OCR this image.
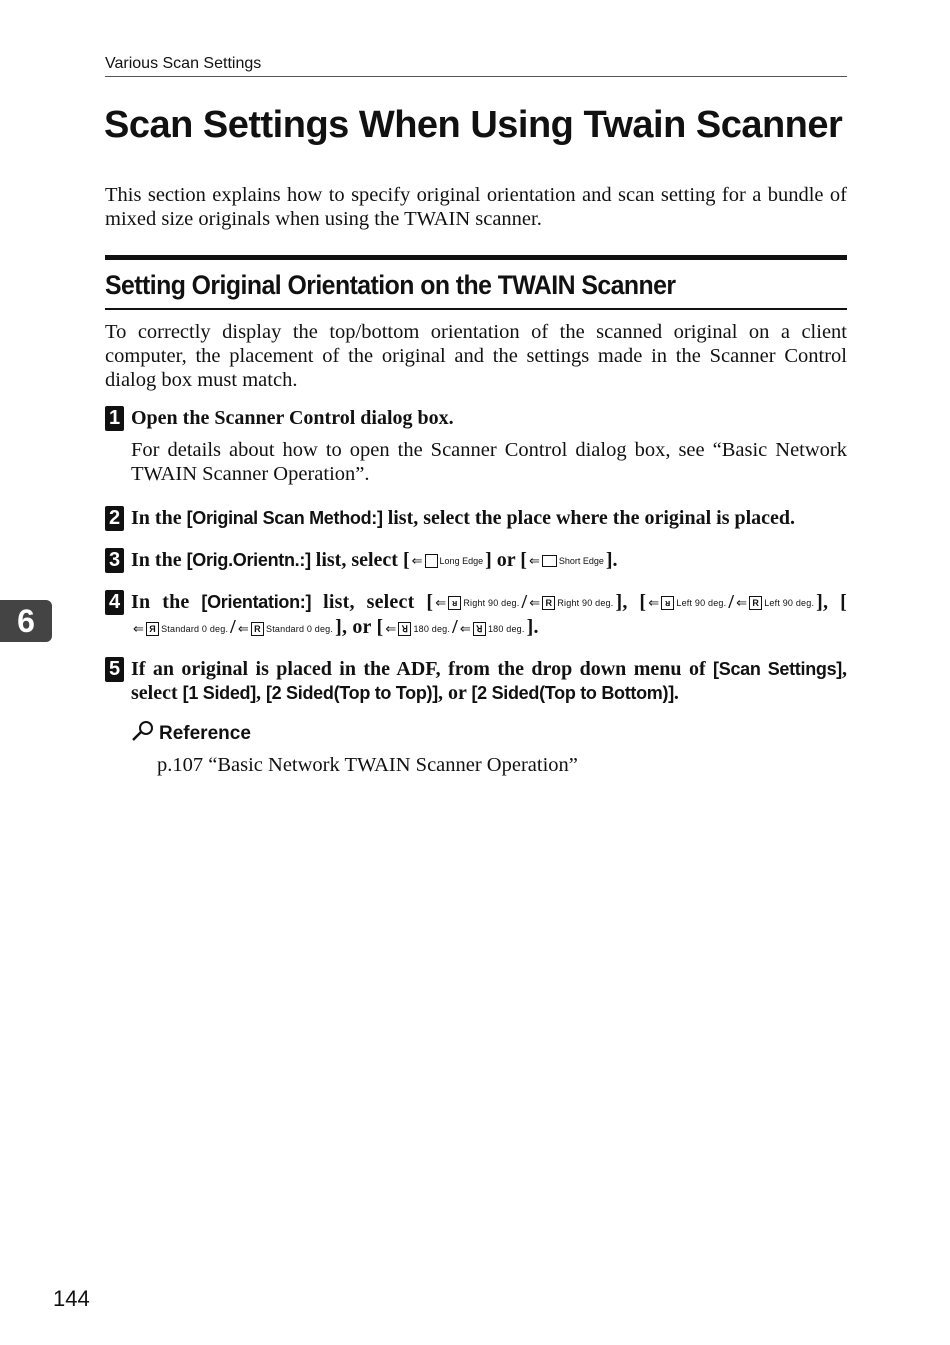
Various Scan Settings
Scan Settings When Using Twain Scanner

This section explains how to specify original orientation and scan setting for a bundle of mixed size originals when using the TWAIN scanner.

Setting Original Orientation on the TWAIN Scanner

To correctly display the top/bottom orientation of the scanned original on a client computer, the placement of the original and the settings made in the Scanner Control dialog box must match.

1 Open the Scanner Control dialog box.
For details about how to open the Scanner Control dialog box, see “Basic Network TWAIN Scanner Operation”.
2 In the [Original Scan Method:] list, select the place where the original is placed.
3 In the [Orig.Orientn.:] list, select [ ⇐ Long Edge ] or [ ⇐ Short Edge ].
4 In the [Orientation:] list, select [ ⇐ ᴚ Right 90 deg. / ⇐ R Right 90 deg. ], [ ⇐ ᴚ Left 90 deg. / ⇐ R Left 90 deg. ], [
⇐ Я Standard 0 deg. / ⇐ R Standard 0 deg. ], or [ ⇐ ꓤ 180 deg. / ⇐ ꓤ 180 deg. ].
5 If an original is placed in the ADF, from the drop down menu of [Scan Settings], select [1 Sided], [2 Sided(Top to Top)], or [2 Sided(Top to Bottom)].
Reference
p.107 “Basic Network TWAIN Scanner Operation”
6
144
